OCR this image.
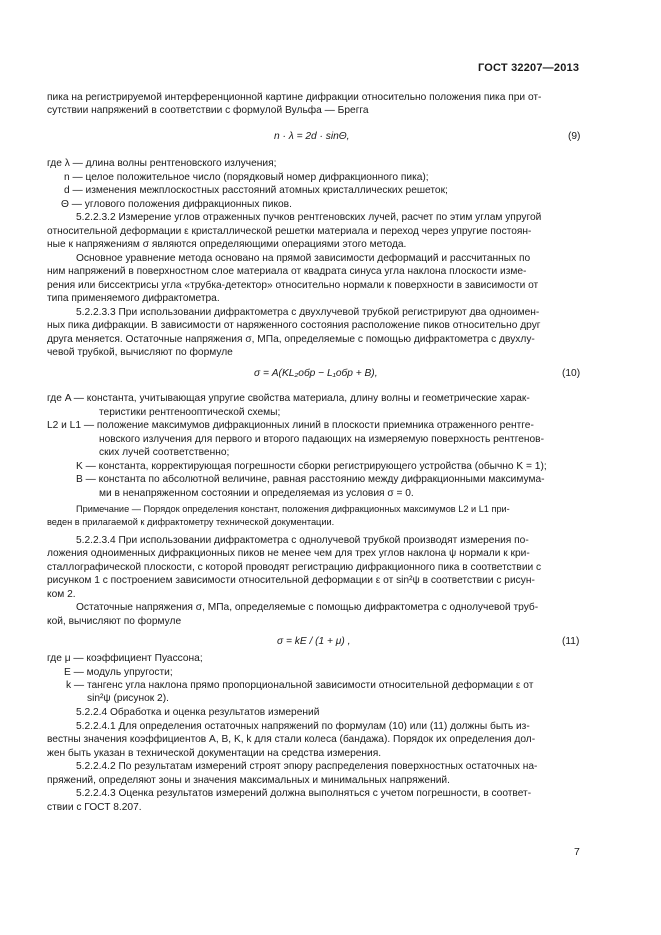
ГОСТ 32207—2013
пика на регистрируемой интерференционной картине дифракции относительно положения пика при от-
сутствии напряжений в соответствии с формулой Вульфа — Брегга
n · λ = 2d · sinΘ,	(9)
где λ — длина волны рентгеновского излучения;
n — целое положительное число (порядковый номер дифракционного пика);
d — изменения межплоскостных расстояний атомных кристаллических решеток;
Θ — углового положения дифракционных пиков.
5.2.2.3.2 Измерение углов отраженных пучков рентгеновских лучей, расчет по этим углам упругой
относительной деформации ε кристаллической решетки материала и переход через упругие постоян-
ные к напряжениям σ являются определяющими операциями этого метода.
Основное уравнение метода основано на прямой зависимости деформаций и рассчитанных по
ним напряжений в поверхностном слое материала от квадрата синуса угла наклона плоскости изме-
рения или биссектрисы угла «трубка-детектор» относительно нормали к поверхности в зависимости от
типа применяемого дифрактометра.
5.2.2.3.3 При использовании дифрактометра с двухлучевой трубкой регистрируют два одноимен-
ных пика дифракции. В зависимости от наряженного состояния расположение пиков относительно друг
друга меняется. Остаточные напряжения σ, МПа, определяемые с помощью дифрактометра с двухлу-
чевой трубкой, вычисляют по формуле
σ = A(KL₂обр − L₁обр + B),	(10)
где A — константа, учитывающая упругие свойства материала, длину волны и геометрические харак-
теристики рентгенооптической схемы;
L2 и L1 — положение максимумов дифракционных линий в плоскости приемника отраженного рентге-
новского излучения для первого и второго падающих на измеряемую поверхность рентгенов-
ских лучей соответственно;
K — константа, корректирующая погрешности сборки регистрирующего устройства (обычно K = 1);
B — константа по абсолютной величине, равная расстоянию между дифракционными максимума-
ми в ненапряженном состоянии и определяемая из условия σ = 0.
Примечание — Порядок определения констант, положения дифракционных максимумов L2 и L1 при-
веден в прилагаемой к дифрактометру технической документации.
5.2.2.3.4 При использовании дифрактометра с однолучевой трубкой производят измерения по-
ложения одноименных дифракционных пиков не менее чем для трех углов наклона ψ нормали к кри-
сталлографической плоскости, с которой проводят регистрацию дифракционного пика в соответствии с
рисунком 1 с построением зависимости относительной деформации ε от sin²ψ в соответствии с рисун-
ком 2.
Остаточные напряжения σ, МПа, определяемые с помощью дифрактометра с однолучевой труб-
кой, вычисляют по формуле
σ = kE / (1 + μ) ,	(11)
где μ — коэффициент Пуассона;
E — модуль упругости;
k — тангенс угла наклона прямо пропорциональной зависимости относительной деформации ε от
sin²ψ (рисунок 2).
5.2.2.4 Обработка и оценка результатов измерений
5.2.2.4.1 Для определения остаточных напряжений по формулам (10) или (11) должны быть из-
вестны значения коэффициентов A, B, K, k для стали колеса (бандажа). Порядок их определения дол-
жен быть указан в технической документации на средства измерения.
5.2.2.4.2 По результатам измерений строят эпюру распределения поверхностных остаточных на-
пряжений, определяют зоны и значения максимальных и минимальных напряжений.
5.2.2.4.3 Оценка результатов измерений должна выполняться с учетом погрешности, в соответ-
ствии с ГОСТ 8.207.
7
